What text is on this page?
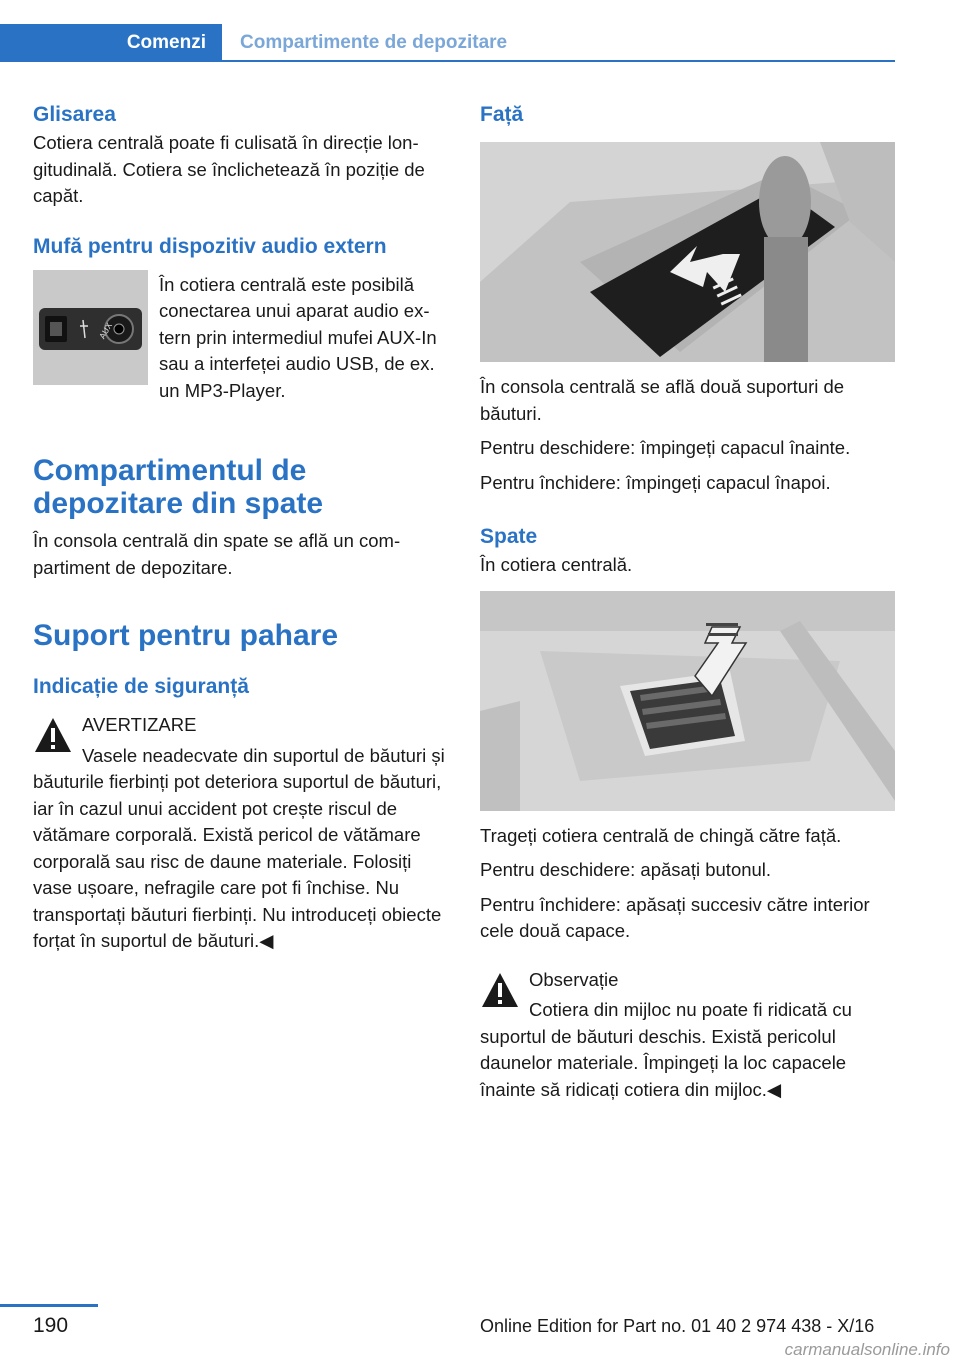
Comenzi	Compartimente de depozitare

Glisarea

Cotiera centrală poate fi culisată în direcție longitudinală. Cotiera se înclichetează în poziție de capăt.

Mufă pentru dispozitiv audio extern

AUX

În cotiera centrală este posibilă conectarea unui aparat audio extern prin intermediul mufei AUX-In sau a interfeței audio USB, de ex. un MP3-Player.

Compartimentul de depozitare din spate

În consola centrală din spate se află un compartiment de depozitare.

Suport pentru pahare

Indicație de siguranță

AVERTIZARE

Vasele neadecvate din suportul de băuturi și băuturile fierbinți pot deteriora suportul de băuturi, iar în cazul unui accident pot crește riscul de vătămare corporală. Există pericol de vătămare corporală sau risc de daune materiale. Folosiți vase ușoare, nefragile care pot fi închise. Nu transportați băuturi fierbinți. Nu introduceți obiecte forțat în suportul de băuturi.◀

Față

În consola centrală se află două suporturi de băuturi.

Pentru deschidere: împingeți capacul înainte.

Pentru închidere: împingeți capacul înapoi.

Spate

În cotiera centrală.

Trageți cotiera centrală de chingă către față.

Pentru deschidere: apăsați butonul.

Pentru închidere: apăsați succesiv către interior cele două capace.

Observație

Cotiera din mijloc nu poate fi ridicată cu suportul de băuturi deschis. Există pericolul daunelor materiale. Împingeți la loc capacele înainte să ridicați cotiera din mijloc.◀

190	Online Edition for Part no. 01 40 2 974 438 - X/16
carmanualsonline.info
